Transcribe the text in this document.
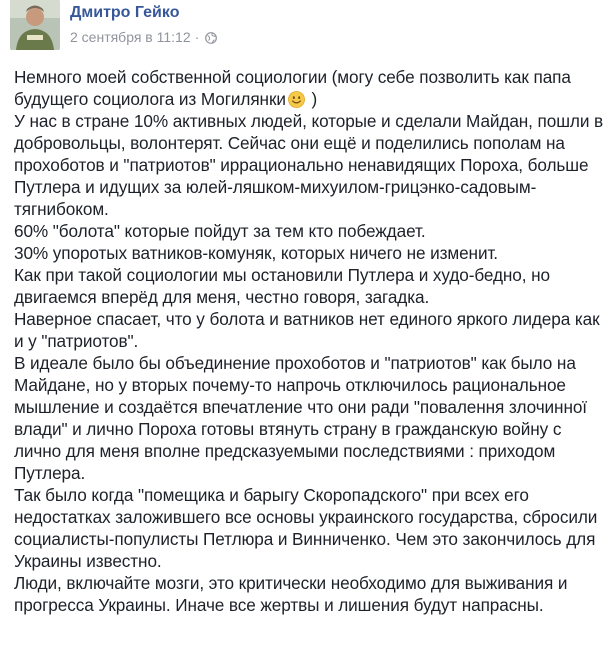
Дмитро Гейко
2 сентября в 11:12 ·

Немного моей собственной социологии (могу себе позволить как папа будущего социолога из Могилянки )

У нас в стране 10% активных людей, которые и сделали Майдан, пошли в добровольцы, волонтерят. Сейчас они ещё и поделились пополам на прохоботов и "патриотов" иррационально ненавидящих Пороха, больше Путлера и идущих за юлей-ляшком-михуилом-грицэнко-садовым-тягнибоком.

60% "болота" которые пойдут за тем кто побеждает.

30% упоротых ватников-комуняк, которых ничего не изменит.

Как при такой социологии мы остановили Путлера и худо-бедно, но двигаемся вперёд для меня, честно говоря, загадка.

Наверное спасает, что у болота и ватников нет единого яркого лидера как и у "патриотов".

В идеале было бы объединение прохоботов и "патриотов" как было на Майдане, но у вторых почему-то напрочь отключилось рациональное мышление и создаётся впечатление что они ради "повалення злочинної влади" и лично Пороха готовы втянуть страну в гражданскую войну с лично для меня вполне предсказуемыми последствиями : приходом Путлера.

Так было когда "помещика и барыгу Скоропадского" при всех его недостатках заложившего все основы украинского государства, сбросили социалисты-популисты Петлюра и Винниченко. Чем это закончилось для Украины известно.

Люди, включайте мозги, это критически необходимо для выживания и прогресса Украины. Иначе все жертвы и лишения будут напрасны.
